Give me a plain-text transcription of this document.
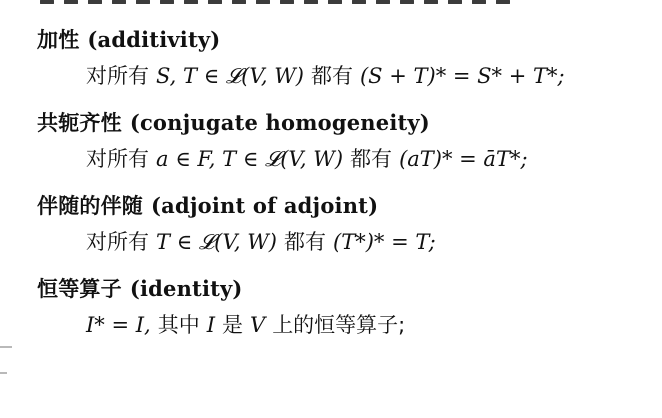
加性 (additivity)
对所有 S, T ∈ 𝓛(V, W) 都有 (S + T)* = S* + T*;
共轭齐性 (conjugate homogeneity)
对所有 a ∈ F, T ∈ 𝓛(V, W) 都有 (aT)* = āT*;
伴随的伴随 (adjoint of adjoint)
对所有 T ∈ 𝓛(V, W) 都有 (T*)* = T;
恒等算子 (identity)
I* = I, 其中 I 是 V 上的恒等算子;
